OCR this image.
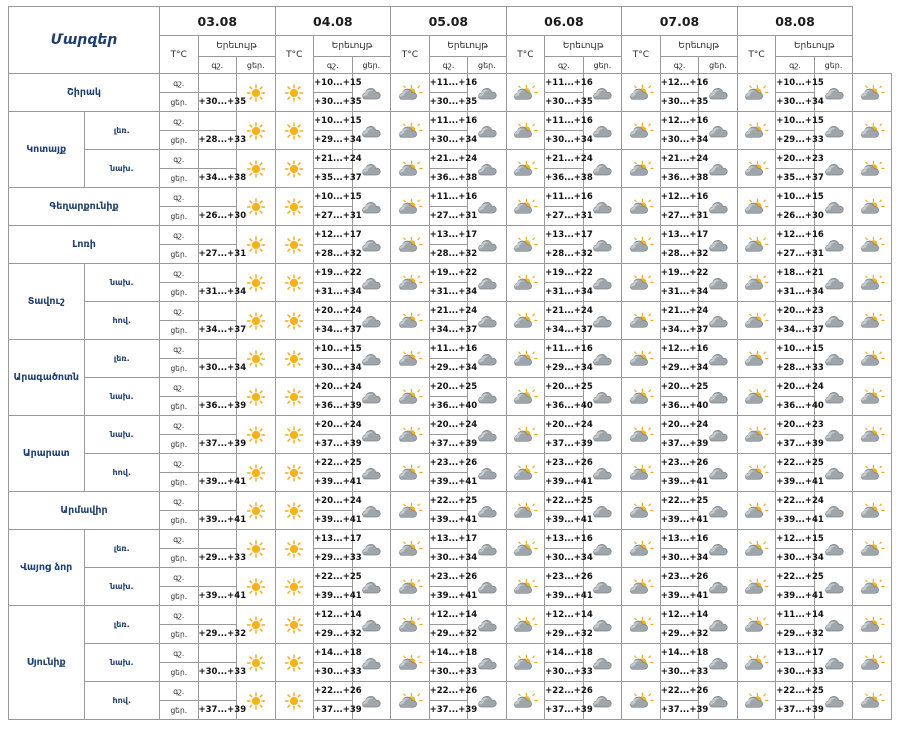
Մարզեր		03.08			04.08			05.08			06.08			07.08			08.08			
		T°C	Երեւույթ		T°C	Երեւույթ		T°C	Երեւույթ		T°C	Երեւույթ		T°C	Երեւույթ		T°C	Երեւույթ		
			գշ.	ցեր.		գշ.	ցեր.		գշ.	ցեր.		գշ.	ցեր.		գշ.	ցեր.		գշ.	ցեր.	
Շիրակ		գշ.				+10...+15			+11...+16			+11...+16			+12...+16			+10...+15	

		ցեր.	+30...+35			+30...+35			+30...+35			+30...+35			+30...+35			+30...+34		
Կոտայք	լեռ.	գշ.				+10...+15			+11...+16			+11...+16			+12...+16			+10...+15	

		ցեր.	+28...+33			+29...+34			+30...+34			+30...+34			+30...+34			+29...+33		
	նախ.	գշ.				+21...+24			+21...+24			+21...+24			+21...+24			+20...+23	

		ցեր.	+34...+38			+35...+37			+36...+38			+36...+38			+36...+38			+35...+37		
Գեղարքունիք		գշ.				+10...+15			+11...+16			+11...+16			+12...+16			+10...+15	

		ցեր.	+26...+30			+27...+31			+27...+31			+27...+31			+27...+31			+26...+30		
Լոռի		գշ.				+12...+17			+13...+17			+13...+17			+13...+17			+12...+16	

		ցեր.	+27...+31			+28...+32			+28...+32			+28...+32			+28...+32			+27...+31		
Տավուշ	նախ.	գշ.				+19...+22			+19...+22			+19...+22			+19...+22			+18...+21	

		ցեր.	+31...+34			+31...+34			+31...+34			+31...+34			+31...+34			+31...+34		
	հով.	գշ.				+20...+24			+21...+24			+21...+24			+21...+24			+20...+23	

		ցեր.	+34...+37			+34...+37			+34...+37			+34...+37			+34...+37			+34...+37		
Արագածոտն	լեռ.	գշ.				+10...+15			+11...+16			+11...+16			+12...+16			+10...+15	

		ցեր.	+30...+34			+30...+34			+29...+34			+29...+34			+29...+34			+28...+33		
	նախ.	գշ.				+20...+24			+20...+25			+20...+25			+20...+25			+20...+24	

		ցեր.	+36...+39			+36...+39			+36...+40			+36...+40			+36...+40			+36...+40		
Արարատ	նախ.	գշ.				+20...+24			+20...+24			+20...+24			+20...+24			+20...+23	

		ցեր.	+37...+39			+37...+39			+37...+39			+37...+39			+37...+39			+37...+39		
	հով.	գշ.				+22...+25			+23...+26			+23...+26			+23...+26			+22...+25	

		ցեր.	+39...+41			+39...+41			+39...+41			+39...+41			+39...+41			+39...+41		
Արմավիր		գշ.				+20...+24			+22...+25			+22...+25			+22...+25			+22...+24	

		ցեր.	+39...+41			+39...+41			+39...+41			+39...+41			+39...+41			+39...+41		
Վայոց ձոր	լեռ.	գշ.				+13...+17			+13...+17			+13...+16			+13...+16			+12...+15	

		ցեր.	+29...+33			+29...+33			+30...+34			+30...+34			+30...+34			+30...+34		
	նախ.	գշ.				+22...+25			+23...+26			+23...+26			+23...+26			+22...+25	

		ցեր.	+39...+41			+39...+41			+39...+41			+39...+41			+39...+41			+39...+41		
Սյունիք	լեռ.	գշ.				+12...+14			+12...+14			+12...+14			+12...+14			+11...+14	

		ցեր.	+29...+32			+29...+32			+29...+32			+29...+32			+29...+32			+29...+32		
	նախ.	գշ.				+14...+18			+14...+18			+14...+18			+14...+18			+13...+17	

		ցեր.	+30...+33			+30...+33			+30...+33			+30...+33			+30...+33			+30...+33		
	հով.	գշ.				+22...+26			+22...+26			+22...+26			+22...+26			+22...+25	

		ցեր.	+37...+39			+37...+39			+37...+39			+37...+39			+37...+39			+37...+39		
